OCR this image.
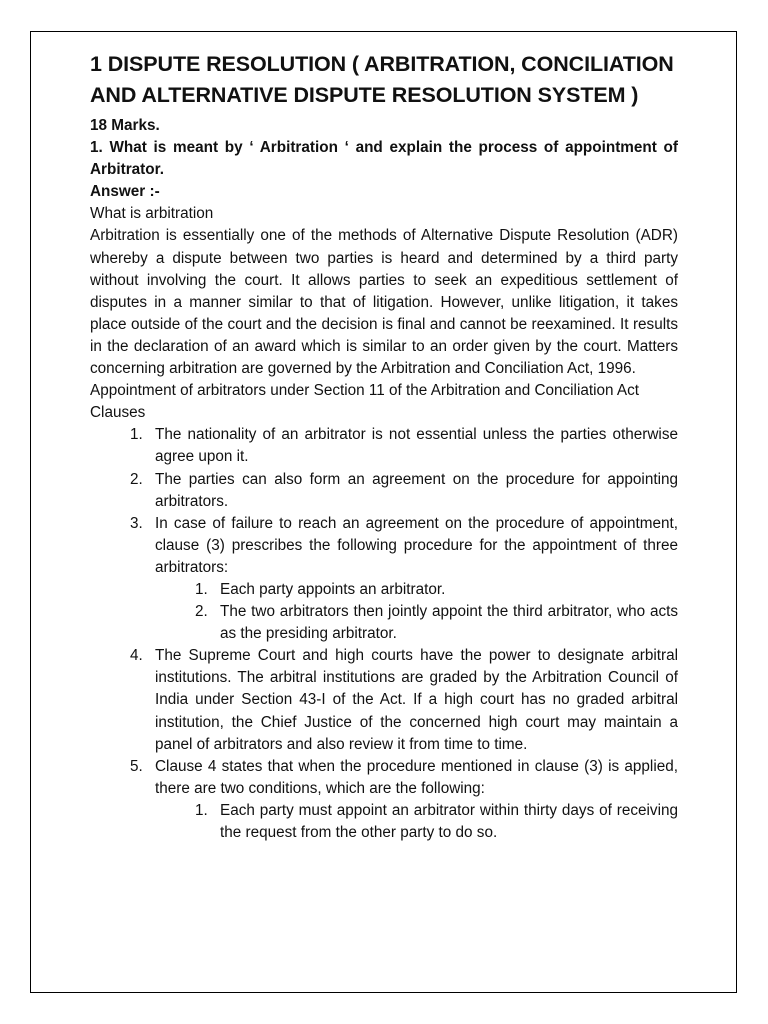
1 DISPUTE RESOLUTION ( ARBITRATION, CONCILIATION AND ALTERNATIVE DISPUTE RESOLUTION SYSTEM )

18 Marks.

1. What is meant by ‘ Arbitration ‘ and explain the process of appointment of Arbitrator.

Answer :-

What is arbitration

Arbitration is essentially one of the methods of Alternative Dispute Resolution (ADR) whereby a dispute between two parties is heard and determined by a third party without involving the court. It allows parties to seek an expeditious settlement of disputes in a manner similar to that of litigation. However, unlike litigation, it takes place outside of the court and the decision is final and cannot be reexamined. It results in the declaration of an award which is similar to an order given by the court. Matters concerning arbitration are governed by the Arbitration and Conciliation Act, 1996.

Appointment of arbitrators under Section 11 of the Arbitration and Conciliation Act

Clauses

1. The nationality of an arbitrator is not essential unless the parties otherwise agree upon it.
2. The parties can also form an agreement on the procedure for appointing arbitrators.
3. In case of failure to reach an agreement on the procedure of appointment, clause (3) prescribes the following procedure for the appointment of three arbitrators:
1. Each party appoints an arbitrator.
2. The two arbitrators then jointly appoint the third arbitrator, who acts as the presiding arbitrator.
4. The Supreme Court and high courts have the power to designate arbitral institutions. The arbitral institutions are graded by the Arbitration Council of India under Section 43-I of the Act. If a high court has no graded arbitral institution, the Chief Justice of the concerned high court may maintain a panel of arbitrators and also review it from time to time.
5. Clause 4 states that when the procedure mentioned in clause (3) is applied, there are two conditions, which are the following:
1. Each party must appoint an arbitrator within thirty days of receiving the request from the other party to do so.
